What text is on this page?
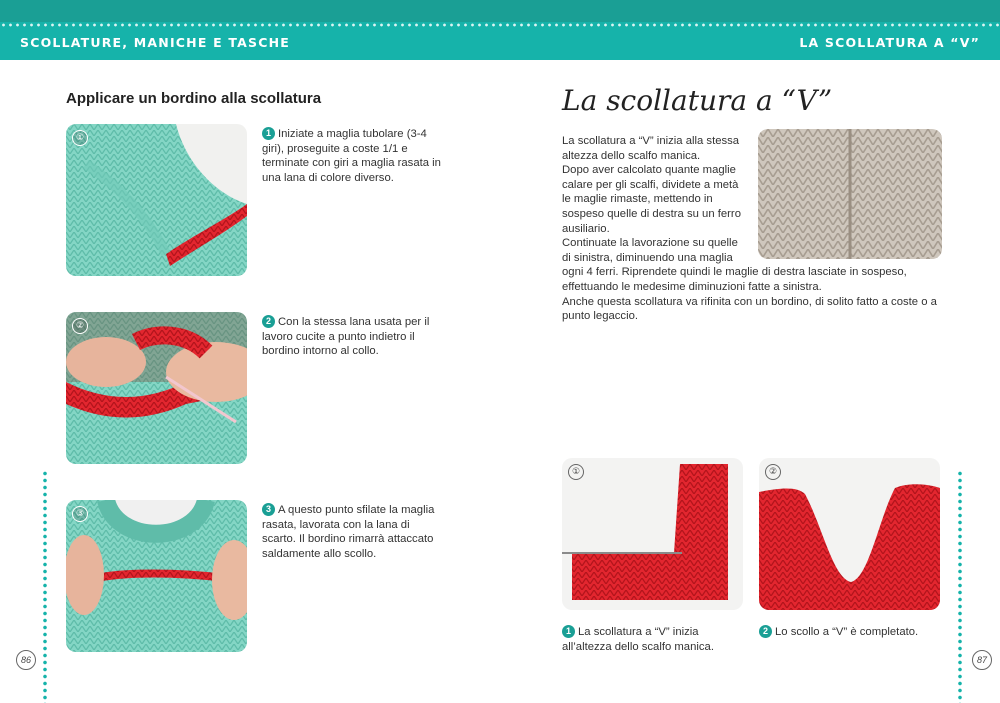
SCOLLATURE, MANICHE E TASCHE	LA SCOLLATURA A “V”
Applicare un bordino alla scollatura
①	1 Iniziate a maglia tubolare (3-4 giri), proseguite a coste 1/1 e terminate con giri a maglia rasata in una lana di colore diverso.
②	2 Con la stessa lana usata per il lavoro cucite a punto indietro il bordino intorno al collo.
③	3 A questo punto sfilate la maglia rasata, lavorata con la lana di scarto. Il bordino rimarrà attaccato saldamente allo scollo.
86
La scollatura a “V”

La scollatura a “V” inizia alla stessa altezza dello scalfo manica.

Dopo aver calcolato quante maglie calare per gli scalfi, dividete a metà le maglie rimaste, mettendo in sospeso quelle di destra su un ferro ausiliario.

Continuate la lavorazione su quelle di sinistra, diminuendo una maglia ogni 4 ferri. Riprendete quindi le maglie di destra lasciate in sospeso, effettuando le medesime diminuzioni fatte a sinistra.

Anche questa scollatura va rifinita con un bordino, di solito fatto a coste o a punto legaccio.

①	②
1 La scollatura a “V” inizia all’altezza dello scalfo manica.
2 Lo scollo a “V” è completato.
87
